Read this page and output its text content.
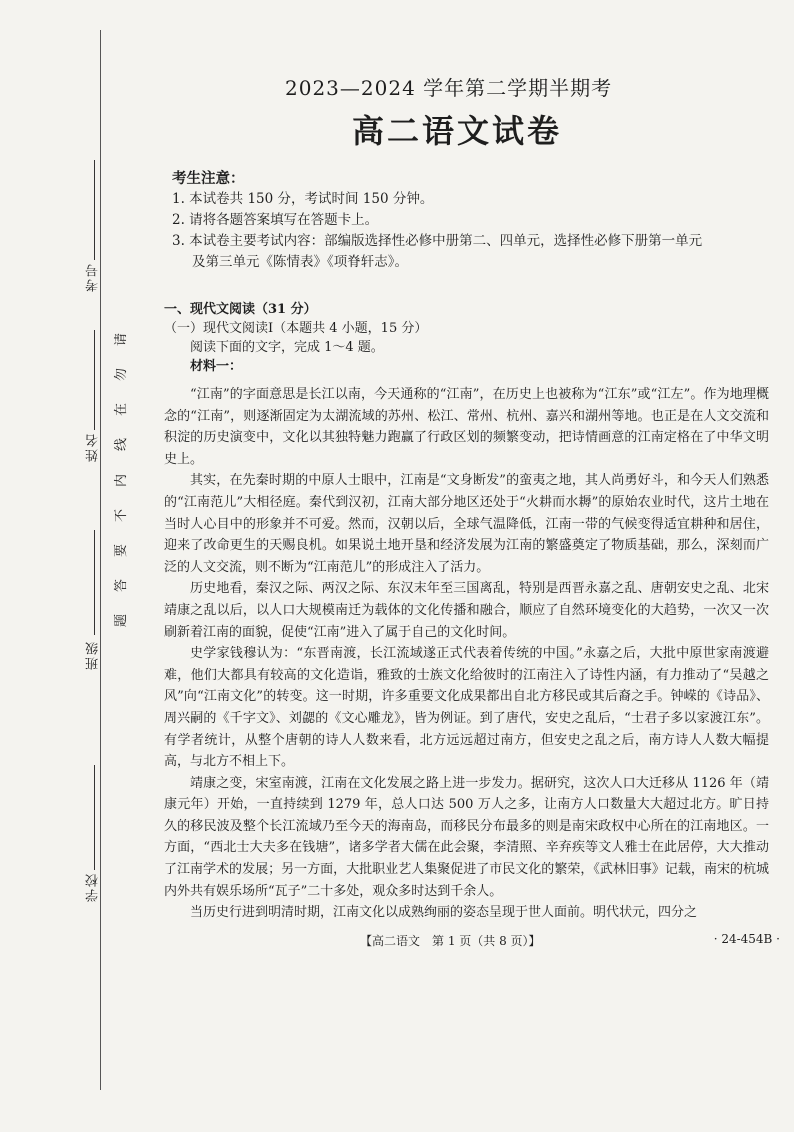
考号
姓名
班级
学校
请
勿
在
线
内
不
要
答
题
2023—2024 学年第二学期半期考
高二语文试卷

考生注意：

1. 本试卷共 150 分，考试时间 150 分钟。

2. 请将各题答案填写在答题卡上。

3. 本试卷主要考试内容：部编版选择性必修中册第二、四单元，选择性必修下册第一单元

及第三单元《陈情表》《项脊轩志》。

一、现代文阅读（31 分）

（一）现代文阅读Ⅰ（本题共 4 小题，15 分）

阅读下面的文字，完成 1～4 题。

材料一：

“江南”的字面意思是长江以南，今天通称的“江南”，在历史上也被称为“江东”或“江左”。作为地理概念的“江南”，则逐渐固定为太湖流域的苏州、松江、常州、杭州、嘉兴和湖州等地。也正是在人文交流和积淀的历史演变中，文化以其独特魅力跑赢了行政区划的频繁变动，把诗情画意的江南定格在了中华文明史上。

其实，在先秦时期的中原人士眼中，江南是“文身断发”的蛮夷之地，其人尚勇好斗，和今天人们熟悉的“江南范儿”大相径庭。秦代到汉初，江南大部分地区还处于“火耕而水耨”的原始农业时代，这片土地在当时人心目中的形象并不可爱。然而，汉朝以后，全球气温降低，江南一带的气候变得适宜耕种和居住，迎来了改命更生的天赐良机。如果说土地开垦和经济发展为江南的繁盛奠定了物质基础，那么，深刻而广泛的人文交流，则不断为“江南范儿”的形成注入了活力。

历史地看，秦汉之际、两汉之际、东汉末年至三国离乱，特别是西晋永嘉之乱、唐朝安史之乱、北宋靖康之乱以后，以人口大规模南迁为载体的文化传播和融合，顺应了自然环境变化的大趋势，一次又一次刷新着江南的面貌，促使“江南”进入了属于自己的文化时间。

史学家钱穆认为：“东晋南渡，长江流域遂正式代表着传统的中国。”永嘉之后，大批中原世家南渡避难，他们大都具有较高的文化造诣，雅致的士族文化给彼时的江南注入了诗性内涵，有力推动了“吴越之风”向“江南文化”的转变。这一时期，许多重要文化成果都出自北方移民或其后裔之手。钟嵘的《诗品》、周兴嗣的《千字文》、刘勰的《文心雕龙》，皆为例证。到了唐代，安史之乱后，“士君子多以家渡江东”。有学者统计，从整个唐朝的诗人人数来看，北方远远超过南方，但安史之乱之后，南方诗人人数大幅提高，与北方不相上下。

靖康之变，宋室南渡，江南在文化发展之路上进一步发力。据研究，这次人口大迁移从 1126 年（靖康元年）开始，一直持续到 1279 年，总人口达 500 万人之多，让南方人口数量大大超过北方。旷日持久的移民波及整个长江流域乃至今天的海南岛，而移民分布最多的则是南宋政权中心所在的江南地区。一方面，“西北士大夫多在钱塘”，诸多学者大儒在此会聚，李清照、辛弃疾等文人雅士在此居停，大大推动了江南学术的发展；另一方面，大批职业艺人集聚促进了市民文化的繁荣，《武林旧事》记载，南宋的杭城内外共有娱乐场所“瓦子”二十多处，观众多时达到千余人。

当历史行进到明清时期，江南文化以成熟绚丽的姿态呈现于世人面前。明代状元，四分之

【高二语文　第 1 页（共 8 页）】	· 24-454B ·
